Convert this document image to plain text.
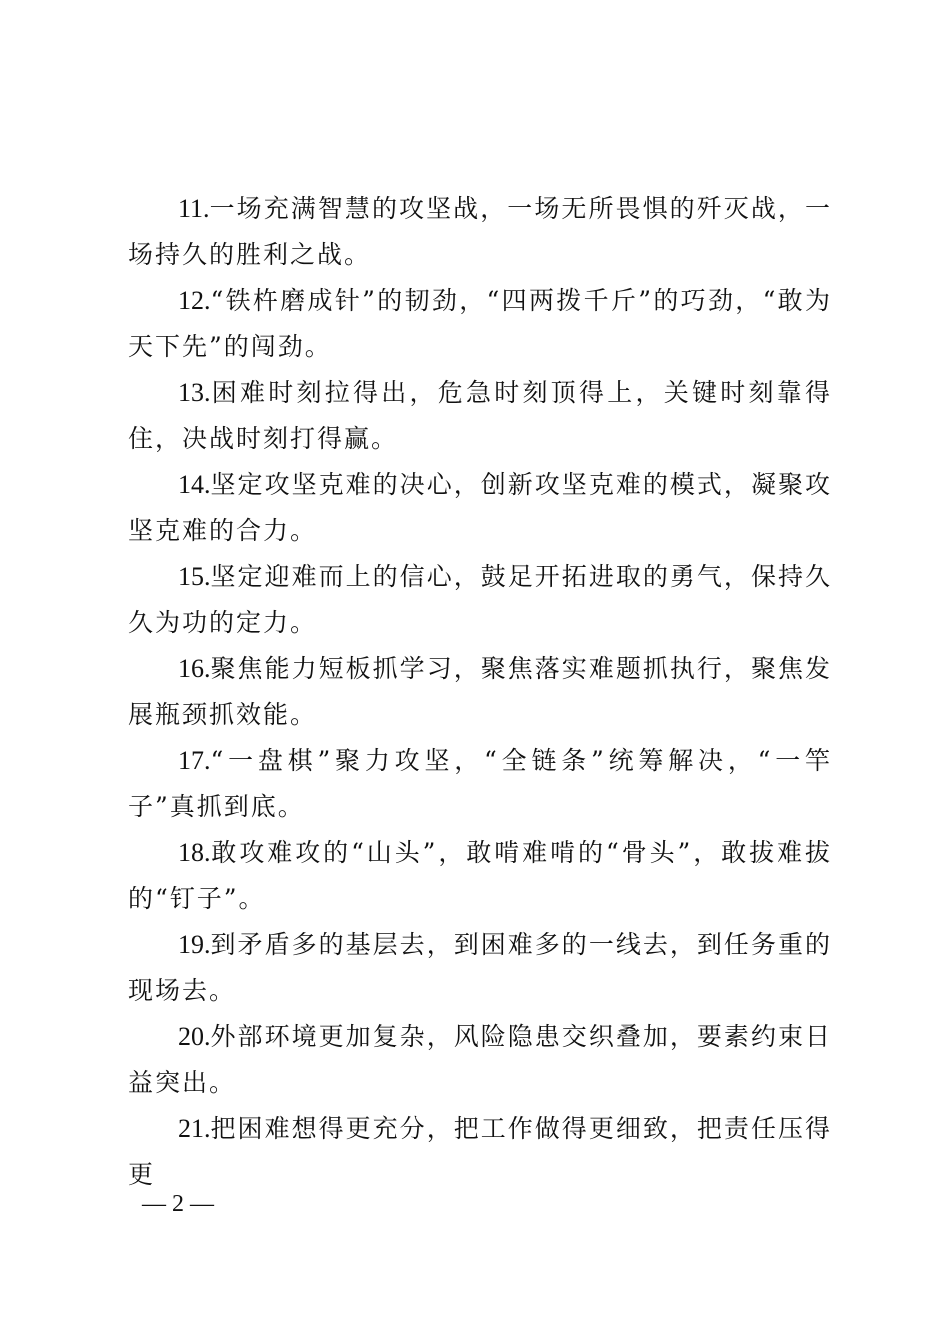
11.一场充满智慧的攻坚战，一场无所畏惧的歼灭战，一场持久的胜利之战。

12.“铁杵磨成针”的韧劲，“四两拨千斤”的巧劲，“敢为天下先”的闯劲。

13.困难时刻拉得出，危急时刻顶得上，关键时刻靠得住，决战时刻打得赢。

14.坚定攻坚克难的决心，创新攻坚克难的模式，凝聚攻坚克难的合力。

15.坚定迎难而上的信心，鼓足开拓进取的勇气，保持久久为功的定力。

16.聚焦能力短板抓学习，聚焦落实难题抓执行，聚焦发展瓶颈抓效能。

17.“一盘棋”聚力攻坚，“全链条”统筹解决，“一竿子”真抓到底。

18.敢攻难攻的“山头”，敢啃难啃的“骨头”，敢拔难拔的“钉子”。

19.到矛盾多的基层去，到困难多的一线去，到任务重的现场去。

20.外部环境更加复杂，风险隐患交织叠加，要素约束日益突出。

21.把困难想得更充分，把工作做得更细致，把责任压得更

— 2 —
